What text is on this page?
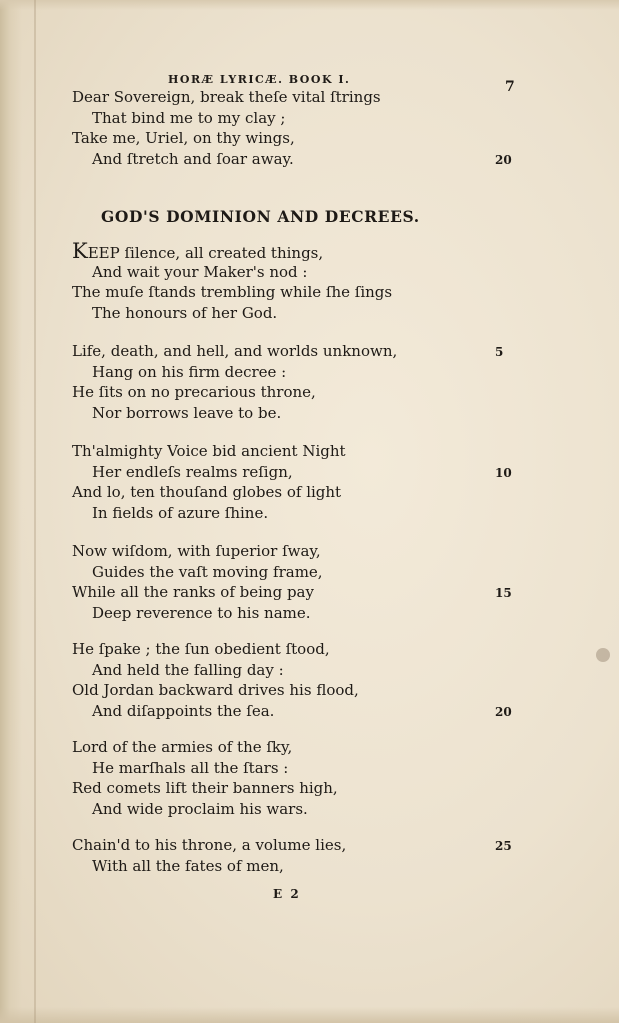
HORÆ LYRICÆ. BOOK I.	7
Dear Sovereign, break theſe vital ſtrings
That bind me to my clay ;
Take me, Uriel, on thy wings,
And ſtretch and ſoar away.	20
GOD'S DOMINION AND DECREES.
KEEP ſilence, all created things,
And wait your Maker's nod :
The muſe ſtands trembling while ſhe ſings
The honours of her God.
Life, death, and hell, and worlds unknown,	5
Hang on his firm decree :
He ſits on no precarious throne,
Nor borrows leave to be.
Th'almighty Voice bid ancient Night
Her endleſs realms reſign,	10
And lo, ten thouſand globes of light
In fields of azure ſhine.
Now wiſdom, with ſuperior ſway,
Guides the vaſt moving frame,
While all the ranks of being pay	15
Deep reverence to his name.
He ſpake ; the ſun obedient ſtood,
And held the falling day :
Old Jordan backward drives his flood,
And diſappoints the ſea.	20
Lord of the armies of the ſky,
He marſhals all the ſtars :
Red comets lift their banners high,
And wide proclaim his wars.
Chain'd to his throne, a volume lies,	25
With all the fates of men,
E 2
